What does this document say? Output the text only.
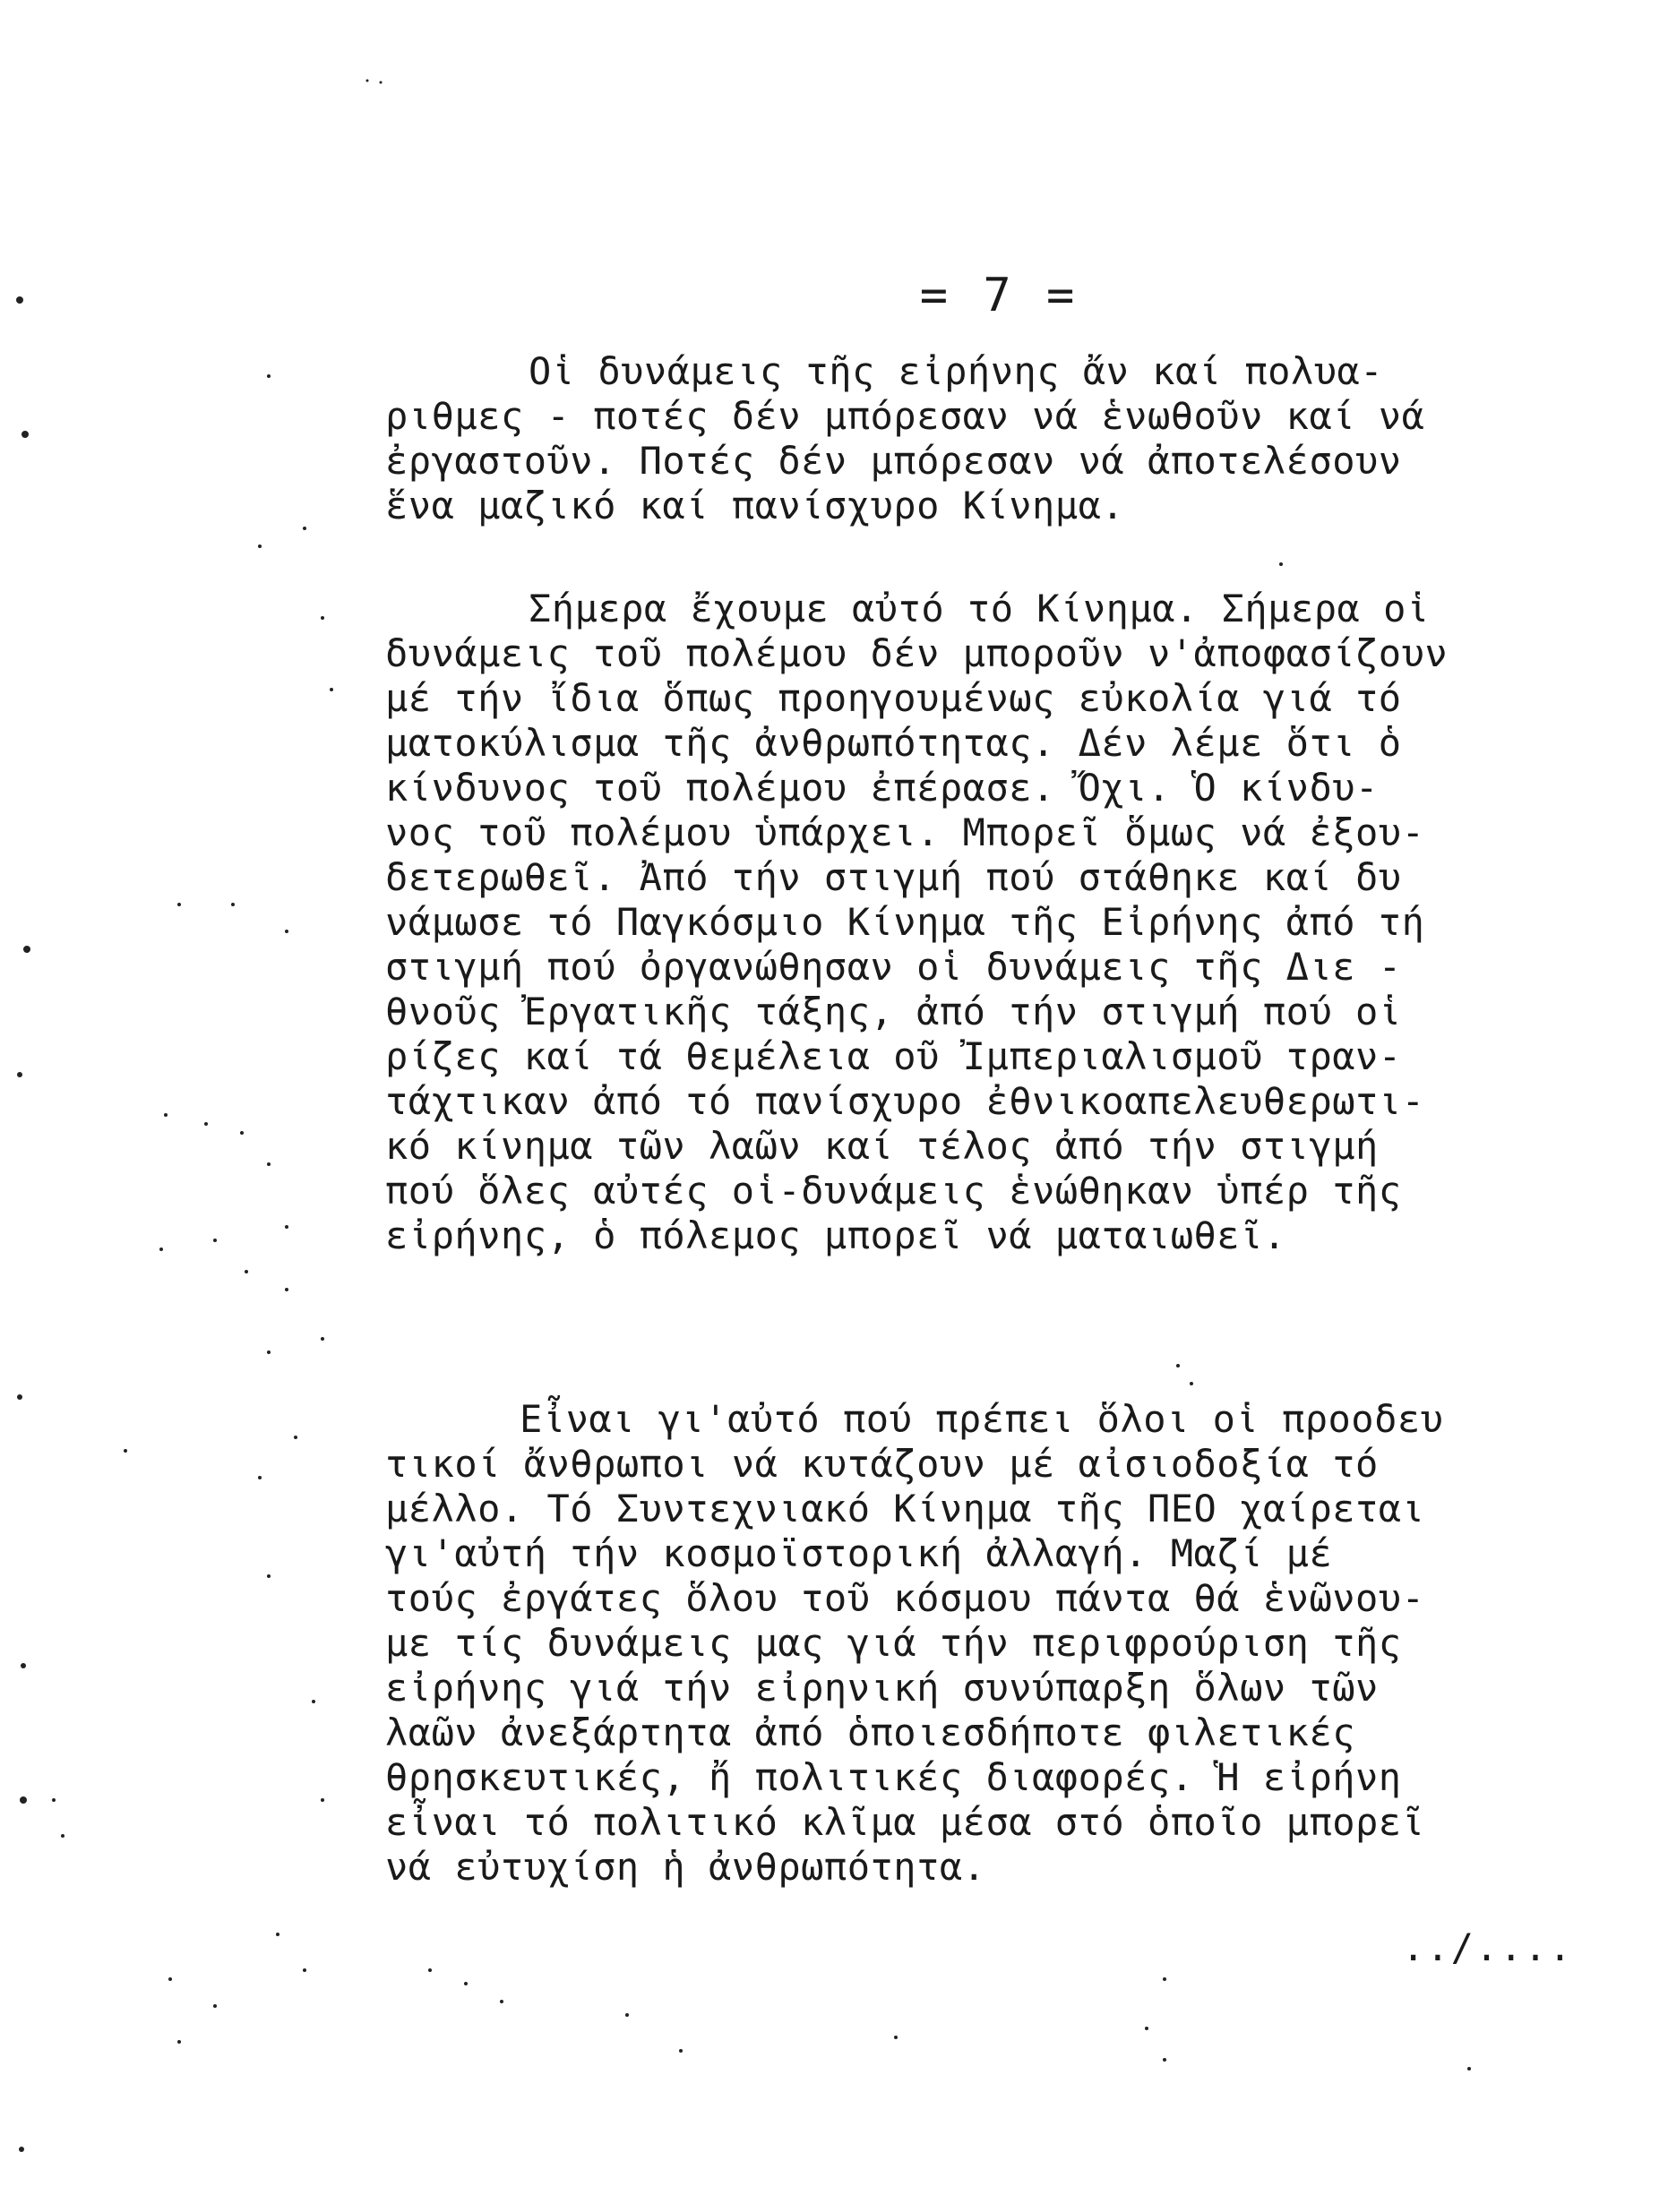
= 7 =
Οἱ δυνάμεις τῆς εἰρήνης ἄν καί πολυα-
ριθμες - ποτές δέν μπόρεσαν νά ἑνωθοῦν καί νά
ἐργαστοῦν. Ποτές δέν μπόρεσαν νά ἀποτελέσουν
ἕνα μαζικό καί πανίσχυρο Κίνημα.
Σήμερα ἔχουμε αὐτό τό Κίνημα. Σήμερα οἱ
δυνάμεις τοῦ πολέμου δέν μποροῦν ν'ἀποφασίζουν
μέ τήν ἴδια ὅπως προηγουμένως εὐκολία γιά τό
ματοκύλισμα τῆς ἀνθρωπότητας. Δέν λέμε ὅτι ὁ
κίνδυνος τοῦ πολέμου ἐπέρασε. Ὄχι. Ὁ κίνδυ-
νος τοῦ πολέμου ὑπάρχει. Μπορεῖ ὅμως νά ἐξου-
δετερωθεῖ. Ἀπό τήν στιγμή πού στάθηκε καί δυ
νάμωσε τό Παγκόσμιο Κίνημα τῆς Εἰρήνης ἀπό τή
στιγμή πού ὀργανώθησαν οἱ δυνάμεις τῆς Διε -
θνοῦς Ἐργατικῆς τάξης, ἀπό τήν στιγμή πού οἱ
ρίζες καί τά θεμέλεια οῦ Ἰμπεριαλισμοῦ τραν-
τάχτικαν ἀπό τό πανίσχυρο ἐθνικοαπελευθερωτι-
κό κίνημα τῶν λαῶν καί τέλος ἀπό τήν στιγμή
πού ὅλες αὐτές οἱ-δυνάμεις ἑνώθηκαν ὑπέρ τῆς
εἰρήνης, ὁ πόλεμος μπορεῖ νά ματαιωθεῖ.
Εἶναι γι'αὐτό πού πρέπει ὅλοι οἱ προοδευ
τικοί ἄνθρωποι νά κυτάζουν μέ αἰσιοδοξία τό
μέλλο. Τό Συντεχνιακό Κίνημα τῆς ΠΕΟ χαίρεται
γι'αὐτή τήν κοσμοϊστορική ἀλλαγή. Μαζί μέ
τούς ἐργάτες ὅλου τοῦ κόσμου πάντα θά ἑνῶνου-
με τίς δυνάμεις μας γιά τήν περιφρούριση τῆς
εἰρήνης γιά τήν εἰρηνική συνύπαρξη ὅλων τῶν
λαῶν ἀνεξάρτητα ἀπό ὁποιεσδήποτε φιλετικές
θρησκευτικές, ἤ πολιτικές διαφορές. Ἡ εἰρήνη
εἶναι τό πολιτικό κλῖμα μέσα στό ὁποῖο μπορεῖ
νά εὐτυχίση ἡ ἀνθρωπότητα.
../....
